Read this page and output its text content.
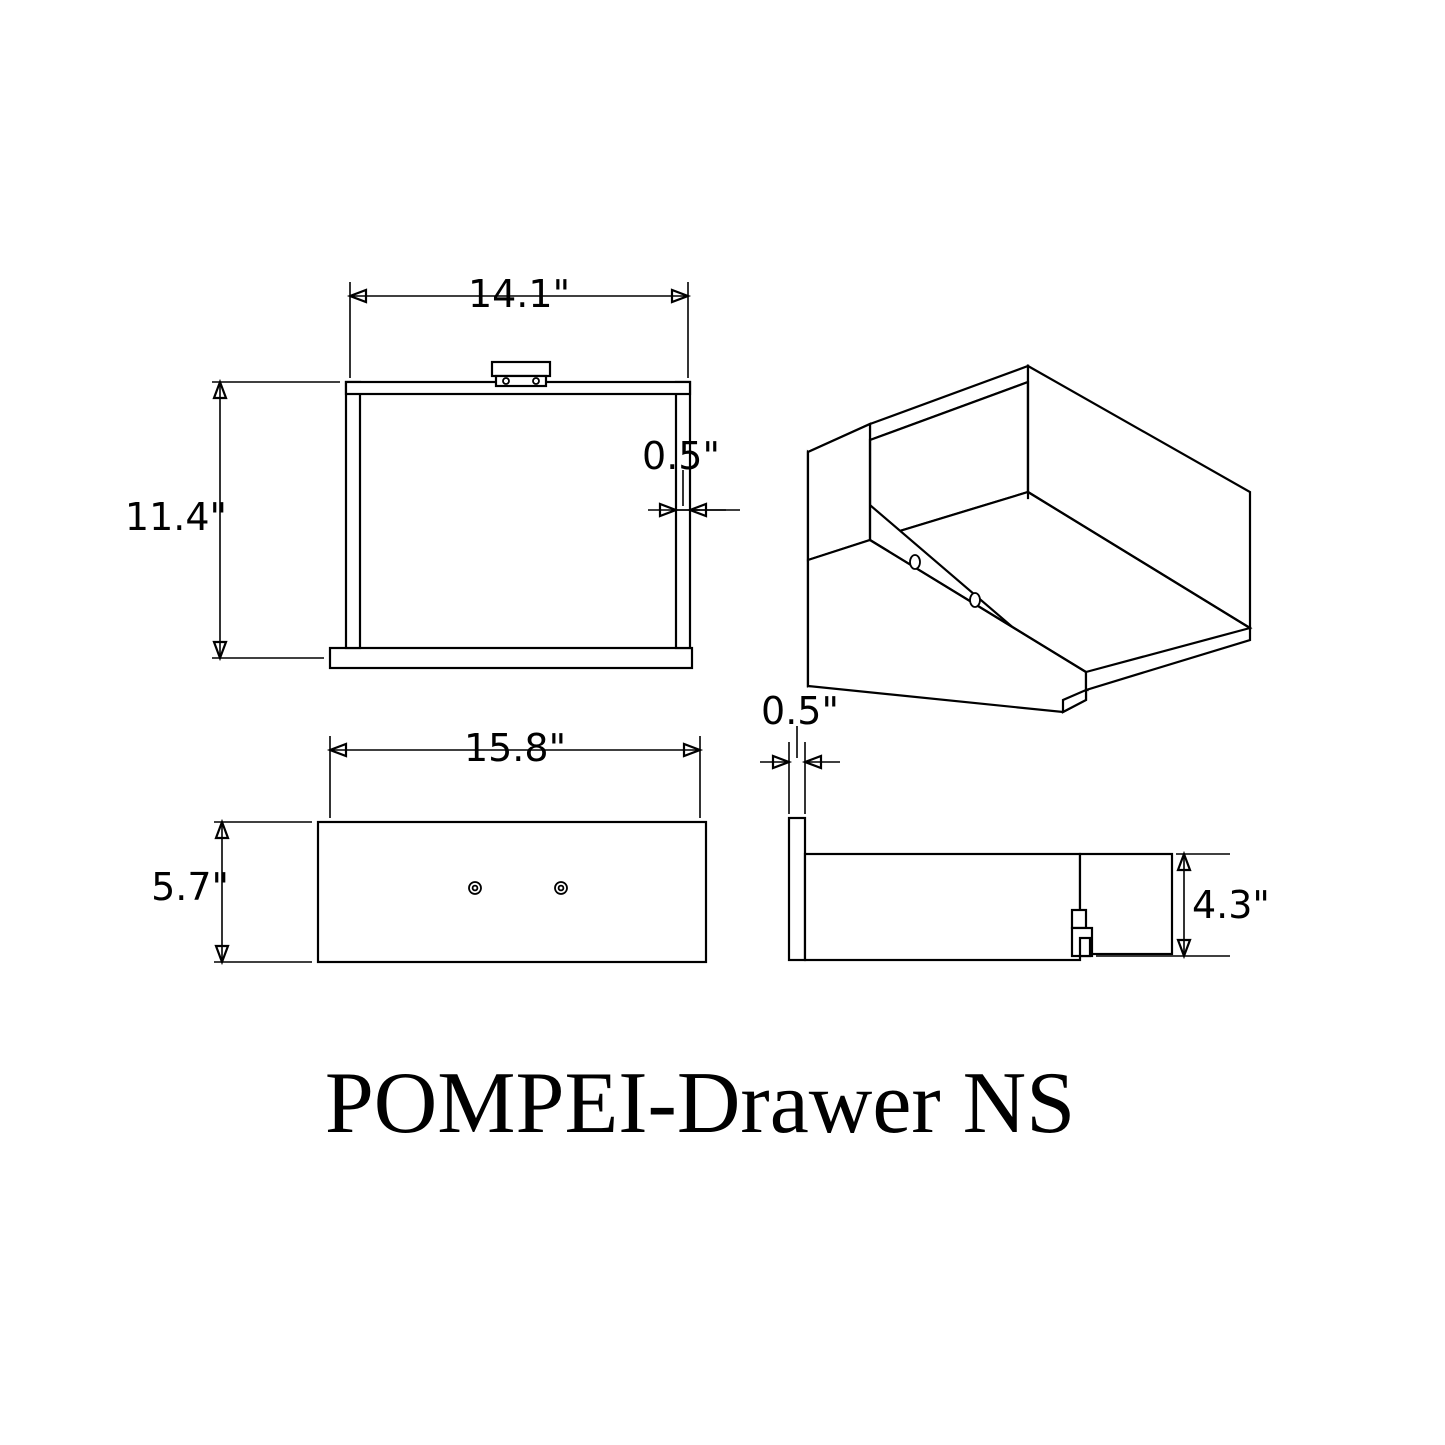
14.1"
11.4"
0.5"
15.8"
5.7"
0.5"
4.3"
POMPEI-Drawer NS
